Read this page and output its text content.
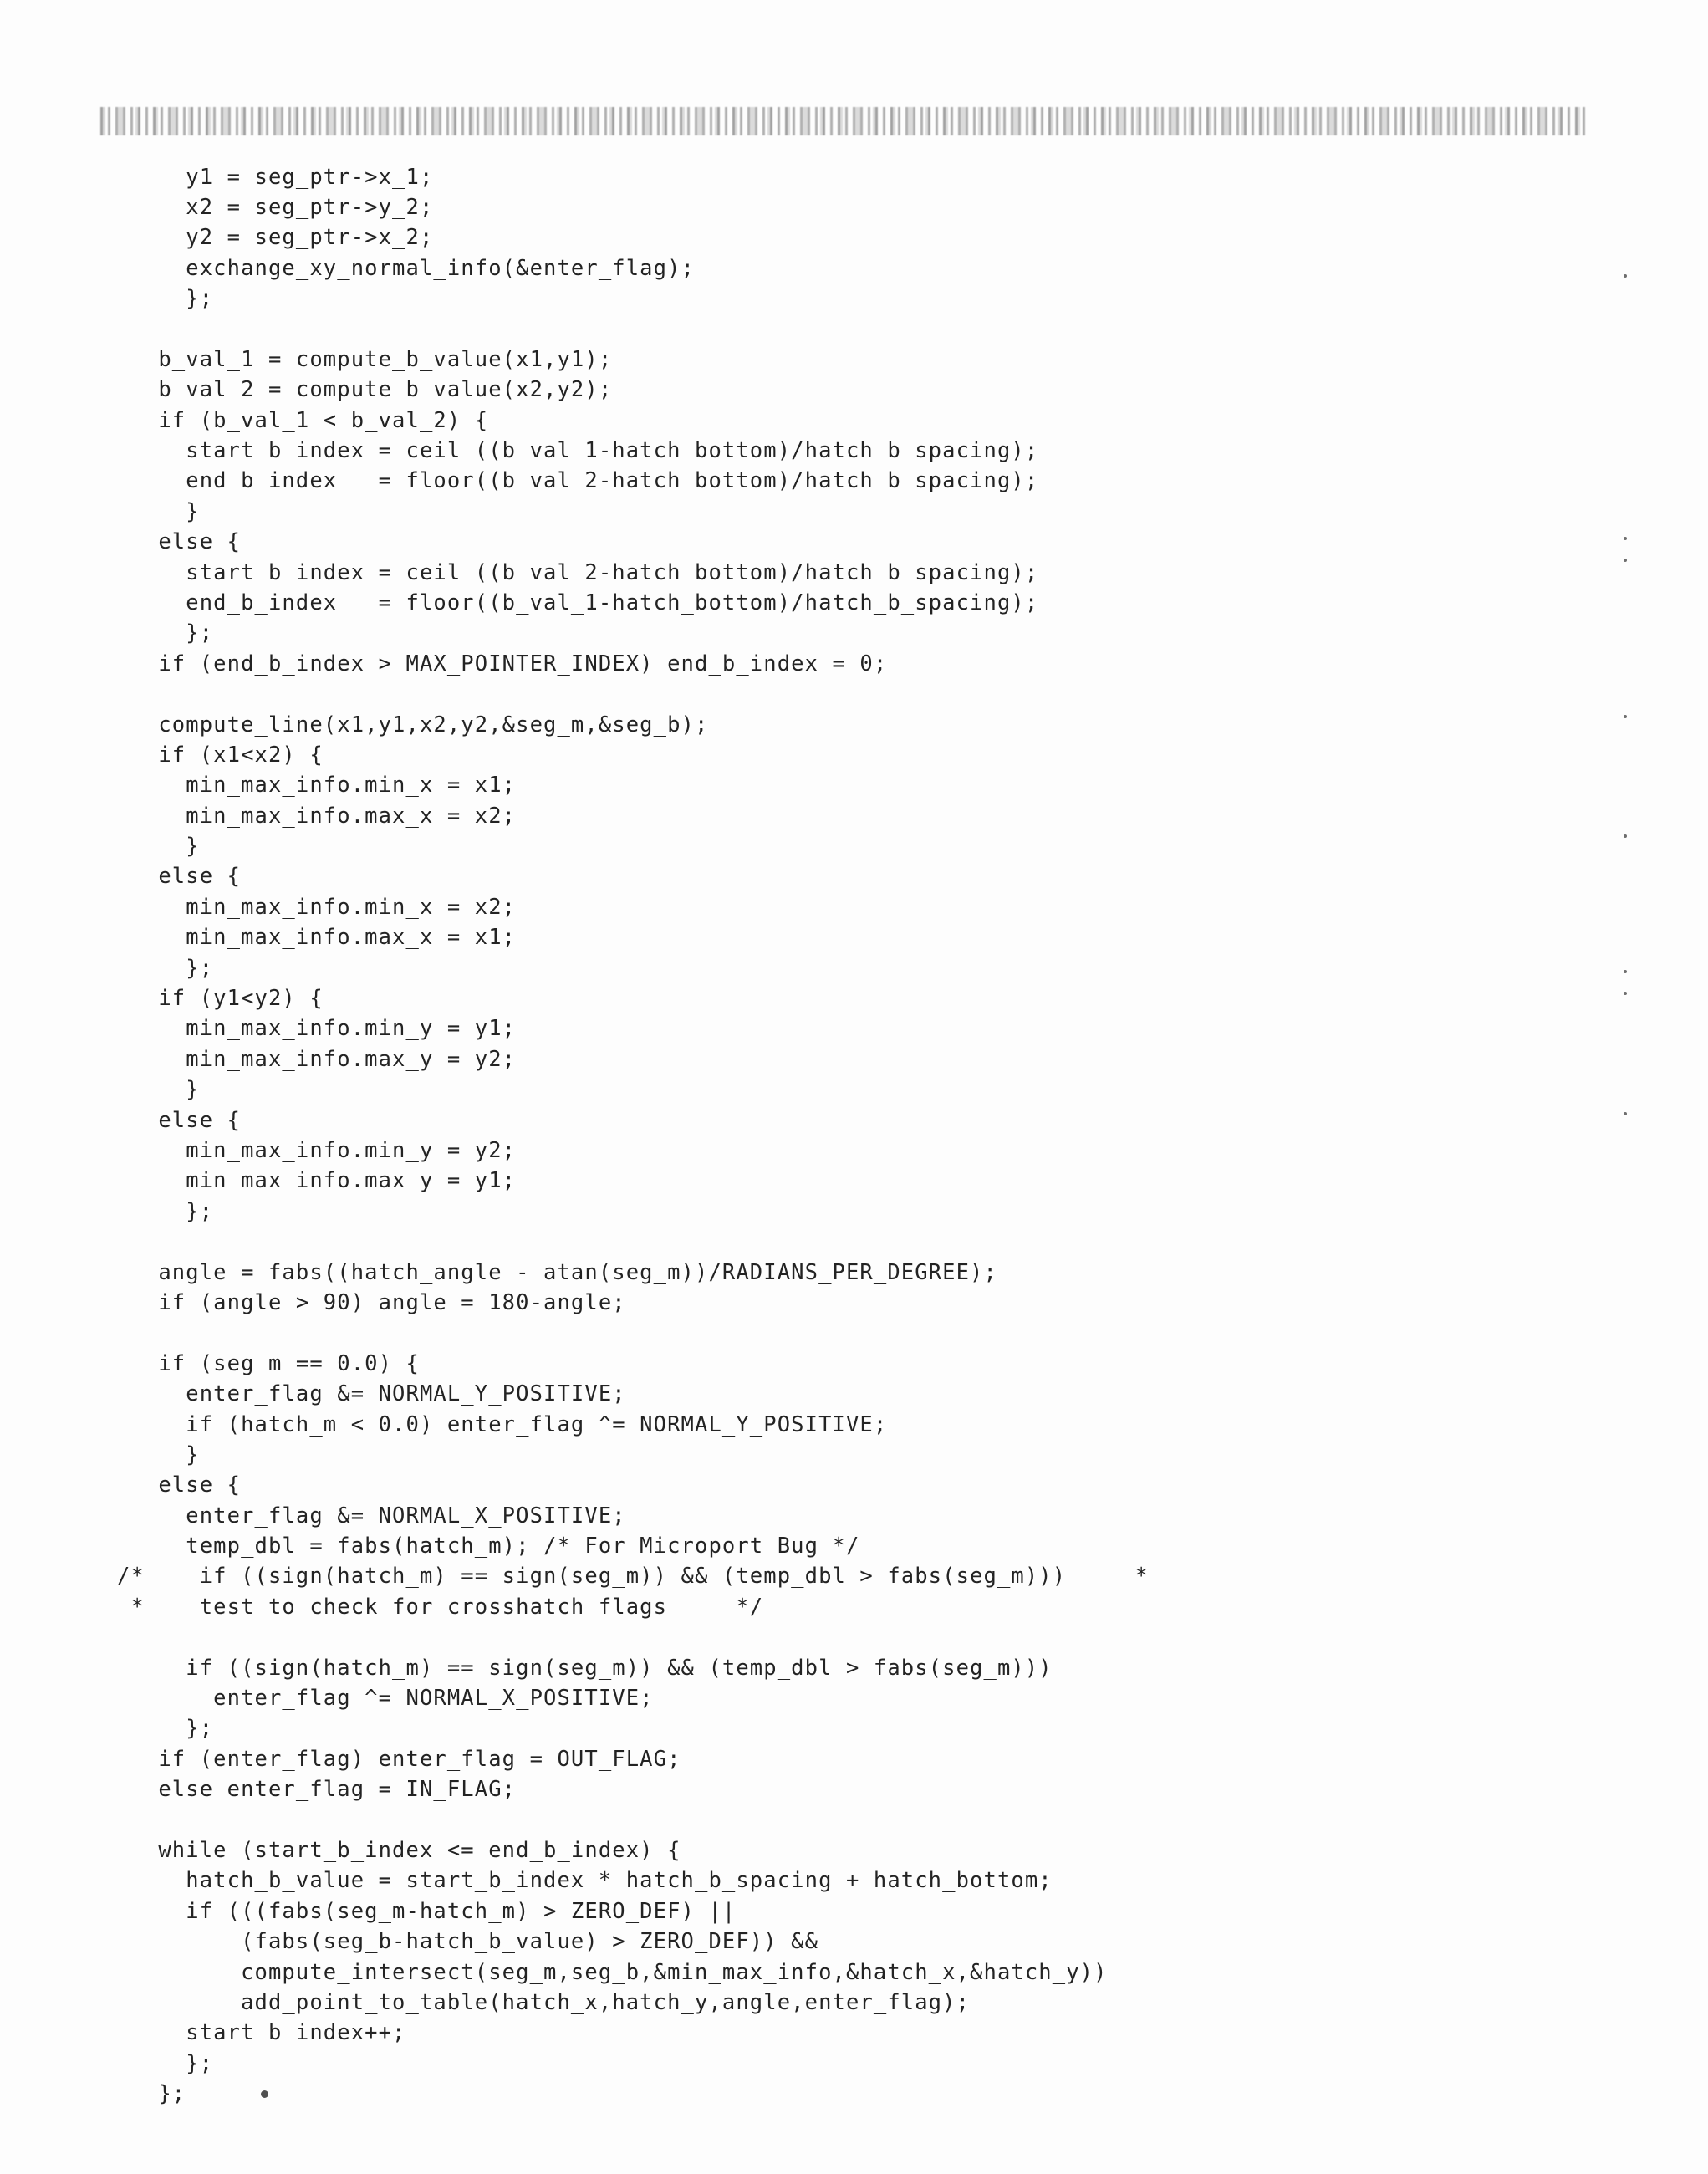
y1 = seg_ptr->x_1;
x2 = seg_ptr->y_2;
y2 = seg_ptr->x_2;
exchange_xy_normal_info(&enter_flag);
};

b_val_1 = compute_b_value(x1,y1);
b_val_2 = compute_b_value(x2,y2);
if (b_val_1 < b_val_2) {
start_b_index = ceil ((b_val_1-hatch_bottom)/hatch_b_spacing);
end_b_index   = floor((b_val_2-hatch_bottom)/hatch_b_spacing);
}
else {
start_b_index = ceil ((b_val_2-hatch_bottom)/hatch_b_spacing);
end_b_index   = floor((b_val_1-hatch_bottom)/hatch_b_spacing);
};
if (end_b_index > MAX_POINTER_INDEX) end_b_index = 0;

compute_line(x1,y1,x2,y2,&seg_m,&seg_b);
if (x1<x2) {
min_max_info.min_x = x1;
min_max_info.max_x = x2;
}
else {
min_max_info.min_x = x2;
min_max_info.max_x = x1;
};
if (y1<y2) {
min_max_info.min_y = y1;
min_max_info.max_y = y2;
}
else {
min_max_info.min_y = y2;
min_max_info.max_y = y1;
};

angle = fabs((hatch_angle - atan(seg_m))/RADIANS_PER_DEGREE);
if (angle > 90) angle = 180-angle;

if (seg_m == 0.0) {
enter_flag &= NORMAL_Y_POSITIVE;
if (hatch_m < 0.0) enter_flag ^= NORMAL_Y_POSITIVE;
}
else {
enter_flag &= NORMAL_X_POSITIVE;
temp_dbl = fabs(hatch_m); /* For Microport Bug */
/*    if ((sign(hatch_m) == sign(seg_m)) && (temp_dbl > fabs(seg_m)))     *
*    test to check for crosshatch flags     */

if ((sign(hatch_m) == sign(seg_m)) && (temp_dbl > fabs(seg_m)))
enter_flag ^= NORMAL_X_POSITIVE;
};
if (enter_flag) enter_flag = OUT_FLAG;
else enter_flag = IN_FLAG;

while (start_b_index <= end_b_index) {
hatch_b_value = start_b_index * hatch_b_spacing + hatch_bottom;
if (((fabs(seg_m-hatch_m) > ZERO_DEF) ||
(fabs(seg_b-hatch_b_value) > ZERO_DEF)) &&
compute_intersect(seg_m,seg_b,&min_max_info,&hatch_x,&hatch_y))
add_point_to_table(hatch_x,hatch_y,angle,enter_flag);
start_b_index++;
};
};
